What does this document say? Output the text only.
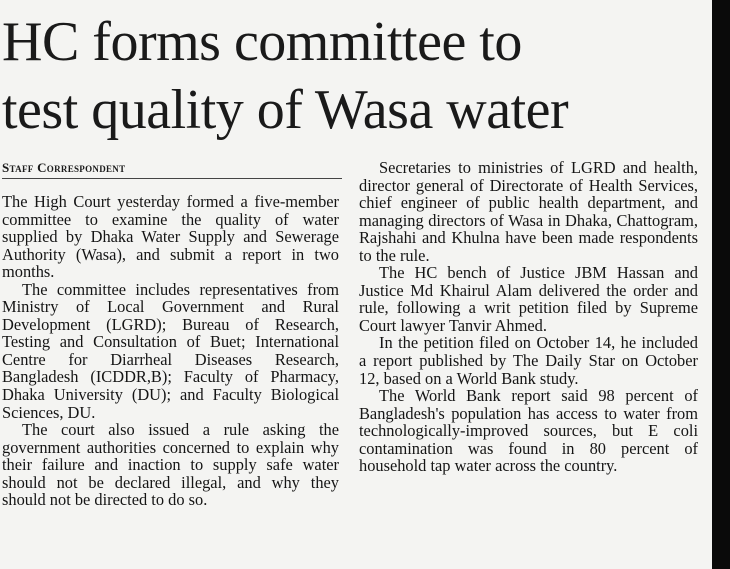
HC forms committee to
test quality of Wasa water
Staff Correspondent

The High Court yesterday formed a five-member committee to examine the quality of water supplied by Dhaka Water Supply and Sewerage Authority (Wasa), and submit a report in two months.

The committee includes representatives from Ministry of Local Government and Rural Development (LGRD); Bureau of Research, Testing and Consultation of Buet; International Centre for Diarrheal Diseases Research, Bangladesh (ICDDR,B); Faculty of Pharmacy, Dhaka University (DU); and Faculty Biological Sciences, DU.

The court also issued a rule asking the government authorities concerned to explain why their failure and inaction to supply safe water should not be declared illegal, and why they should not be directed to do so.

Secretaries to ministries of LGRD and health, director general of Directorate of Health Services, chief engineer of public health department, and managing directors of Wasa in Dhaka, Chattogram, Rajshahi and Khulna have been made respondents to the rule.

The HC bench of Justice JBM Hassan and Justice Md Khairul Alam delivered the order and rule, following a writ petition filed by Supreme Court lawyer Tanvir Ahmed.

In the petition filed on October 14, he included a report published by The Daily Star on October 12, based on a World Bank study.

The World Bank report said 98 percent of Bangladesh's population has access to water from technologically-improved sources, but E coli contamination was found in 80 percent of household tap water across the country.
